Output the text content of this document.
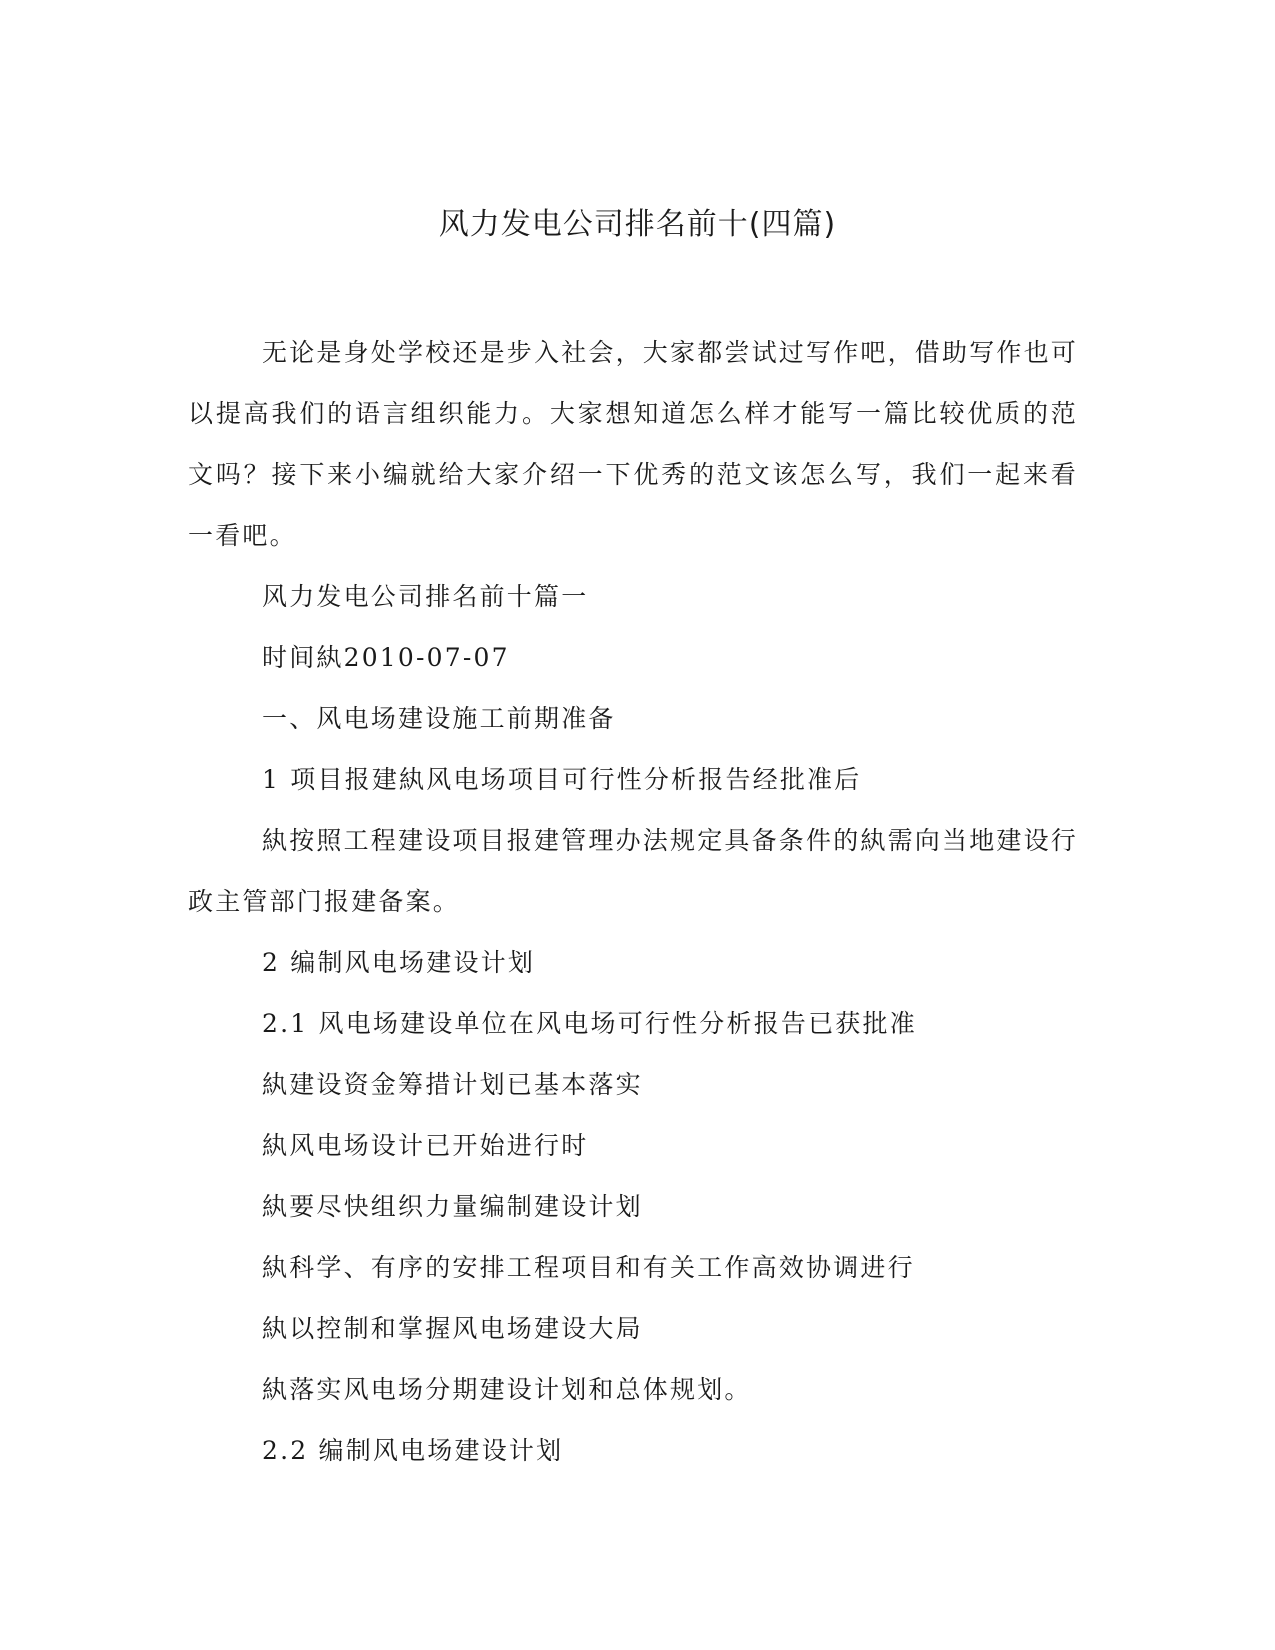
风力发电公司排名前十(四篇)

无论是身处学校还是步入社会，大家都尝试过写作吧，借助写作也可以提高我们的语言组织能力。大家想知道怎么样才能写一篇比较优质的范文吗？接下来小编就给大家介绍一下优秀的范文该怎么写，我们一起来看一看吧。

风力发电公司排名前十篇一

时间紈2010-07-07

一、风电场建设施工前期准备

1 项目报建紈风电场项目可行性分析报告经批准后

紈按照工程建设项目报建管理办法规定具备条件的紈需向当地建设行政主管部门报建备案。

2 编制风电场建设计划

2.1 风电场建设单位在风电场可行性分析报告已获批准

紈建设资金筹措计划已基本落实

紈风电场设计已开始进行时

紈要尽快组织力量编制建设计划

紈科学、有序的安排工程项目和有关工作高效协调进行

紈以控制和掌握风电场建设大局

紈落实风电场分期建设计划和总体规划。

2.2 编制风电场建设计划
